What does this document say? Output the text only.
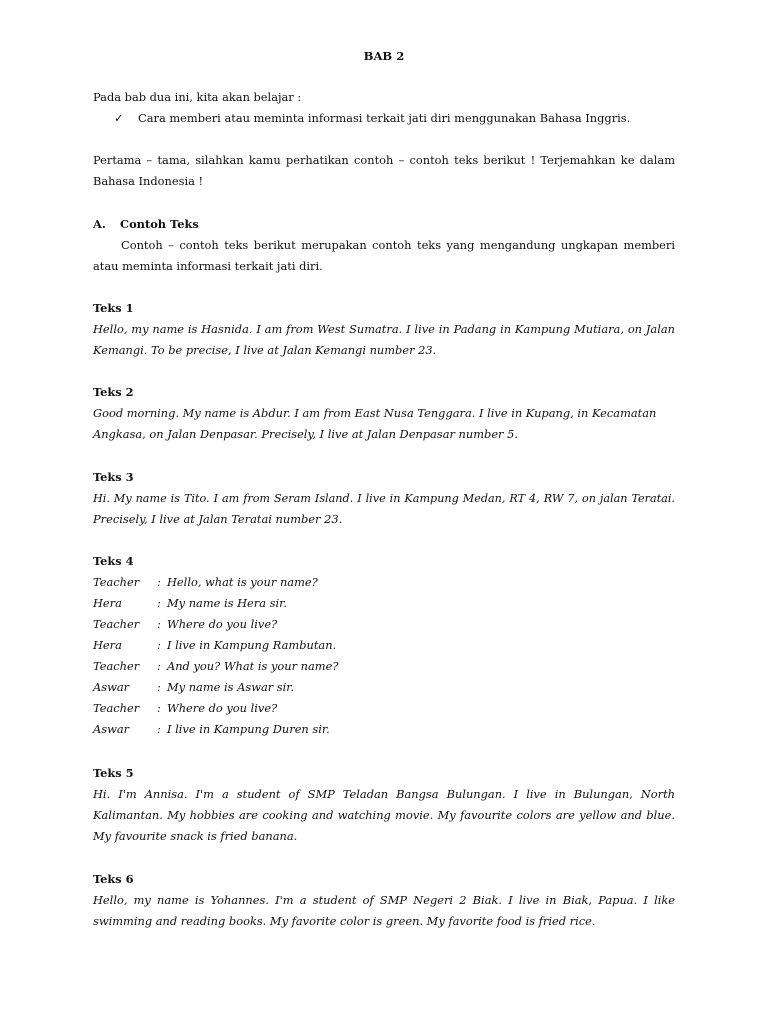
BAB 2
Pada bab dua ini, kita akan belajar :
✓ Cara memberi atau meminta informasi terkait jati diri menggunakan Bahasa Inggris.
Pertama – tama, silahkan kamu perhatikan contoh – contoh teks berikut ! Terjemahkan ke dalam
Bahasa Indonesia !
A. Contoh Teks
Contoh – contoh teks berikut merupakan contoh teks yang mengandung ungkapan memberi
atau meminta informasi terkait jati diri.
Teks 1
Hello, my name is Hasnida. I am from West Sumatra. I live in Padang in Kampung Mutiara, on Jalan
Kemangi. To be precise, I live at Jalan Kemangi number 23.
Teks 2
Good morning. My name is Abdur. I am from East Nusa Tenggara. I live in Kupang, in Kecamatan
Angkasa, on Jalan Denpasar. Precisely, I live at Jalan Denpasar number 5.
Teks 3
Hi. My name is Tito. I am from Seram Island. I live in Kampung Medan, RT 4, RW 7, on jalan Teratai.
Precisely, I live at Jalan Teratai number 23.
Teks 4
Teacher : Hello, what is your name?
Hera	: My name is Hera sir.
Teacher : Where do you live?
Hera	: I live in Kampung Rambutan.
Teacher : And you? What is your name?
Aswar : My name is Aswar sir.
Teacher : Where do you live?
Aswar : I live in Kampung Duren sir.
Teks 5
Hi. I'm Annisa. I'm a student of SMP Teladan Bangsa Bulungan. I live in Bulungan, North
Kalimantan. My hobbies are cooking and watching movie. My favourite colors are yellow and blue.
My favourite snack is fried banana.
Teks 6
Hello, my name is Yohannes. I'm a student of SMP Negeri 2 Biak. I live in Biak, Papua. I like
swimming and reading books. My favorite color is green. My favorite food is fried rice.
